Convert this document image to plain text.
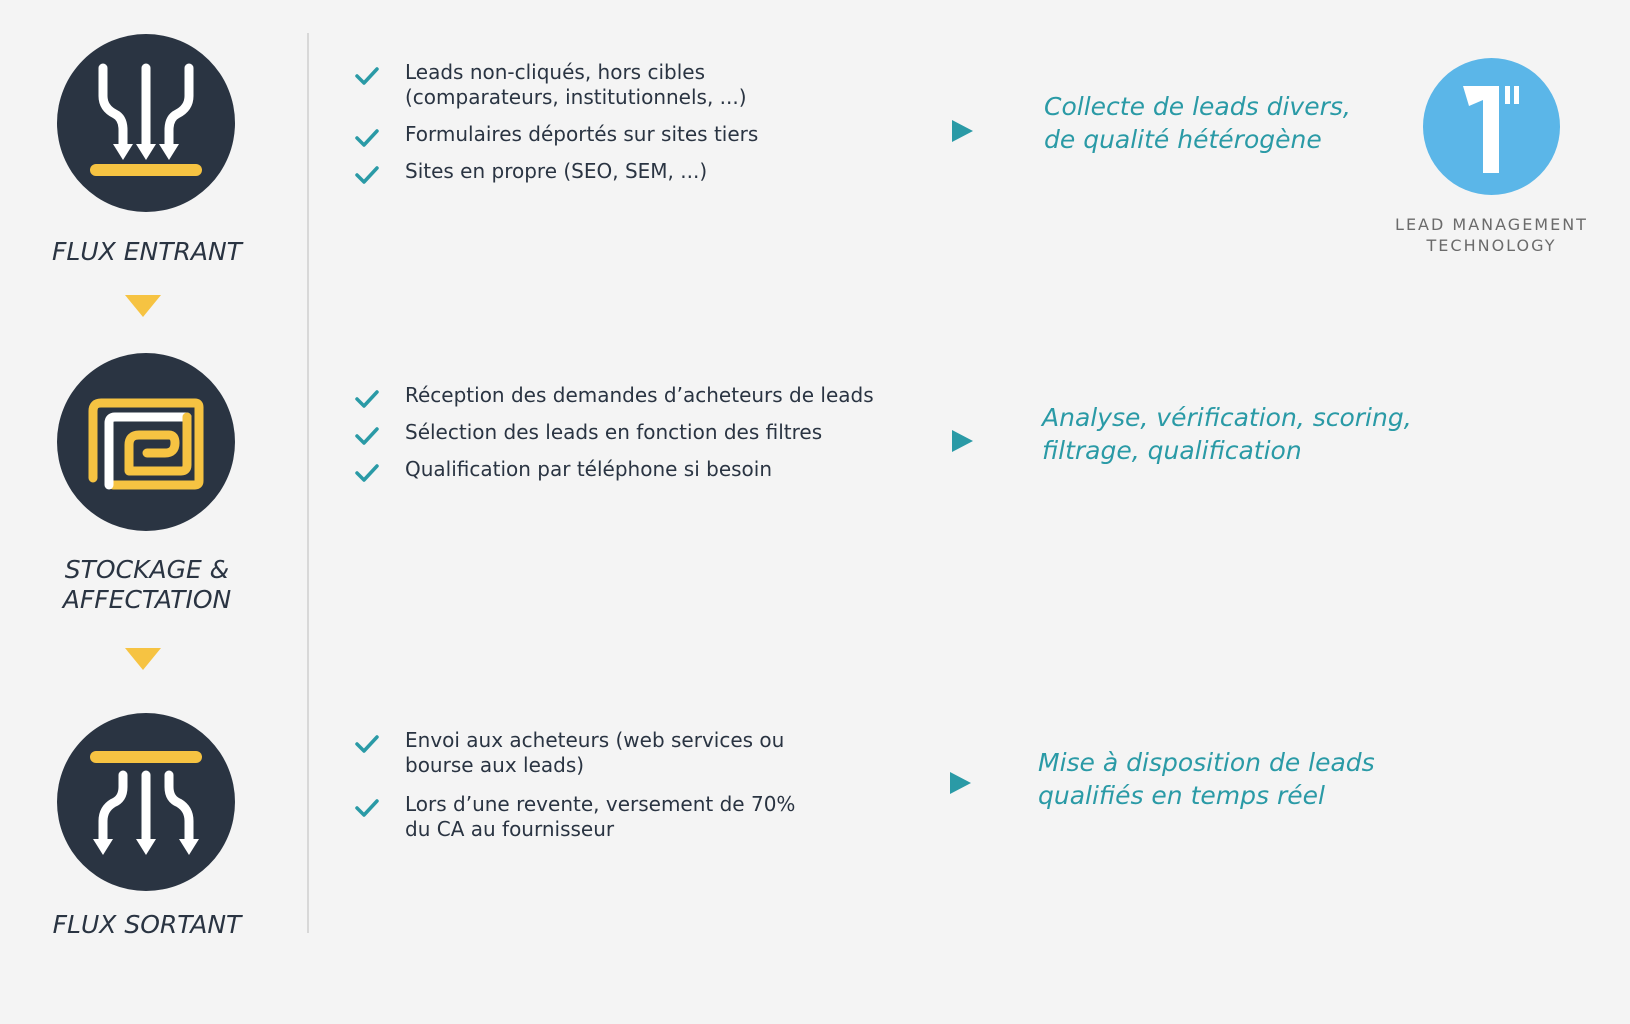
FLUX ENTRANT
STOCKAGE &
AFFECTATION
FLUX SORTANT
Leads non-cliqués, hors cibles
(comparateurs, institutionnels, ...)
Formulaires déportés sur sites tiers
Sites en propre (SEO, SEM, ...)
Réception des demandes d’acheteurs de leads
Sélection des leads en fonction des filtres
Qualification par téléphone si besoin
Envoi aux acheteurs (web services ou
bourse aux leads)
Lors d’une revente, versement de 70%
du CA au fournisseur
Collecte de leads divers,
de qualité hétérogène
Analyse, vérification, scoring,
filtrage, qualification
Mise à disposition de leads
qualifiés en temps réel
LEAD MANAGEMENT
TECHNOLOGY
